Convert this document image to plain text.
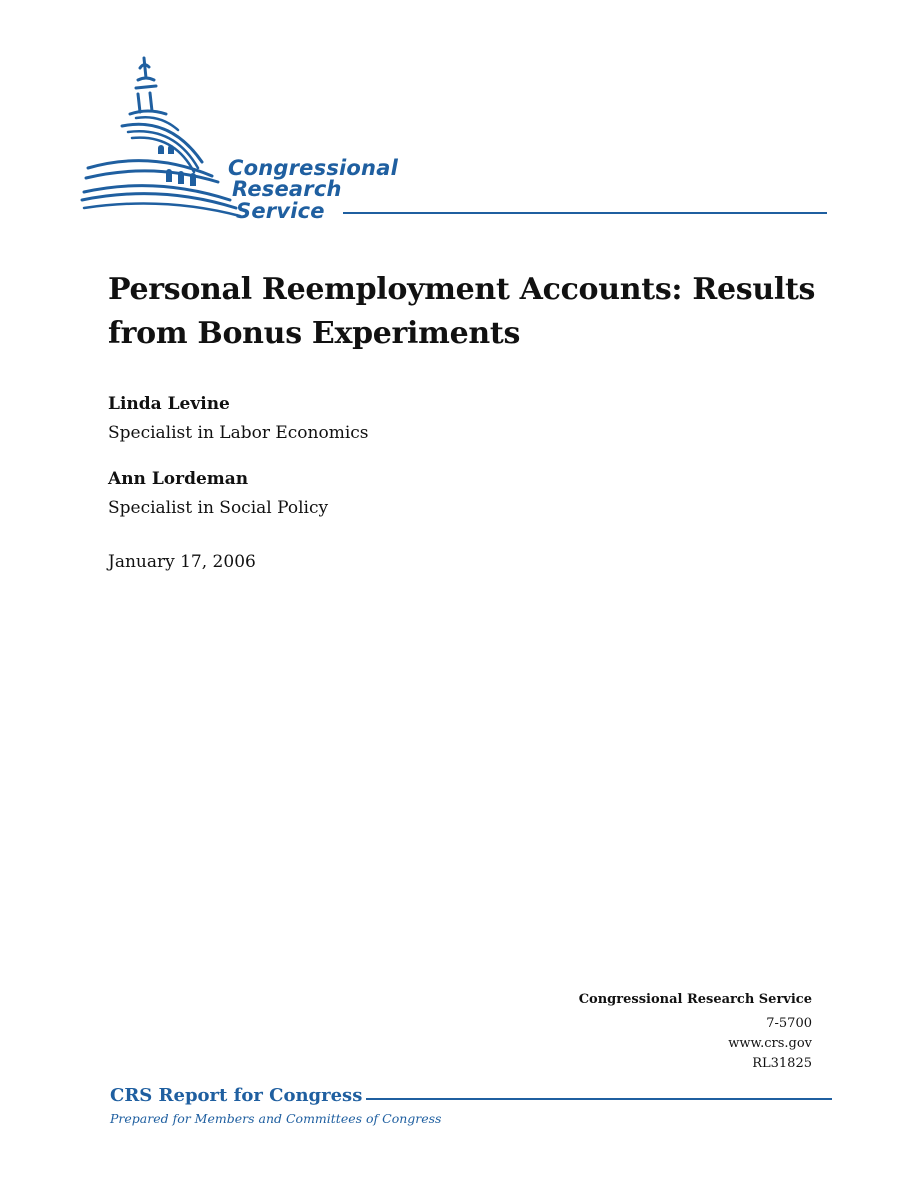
Congressional
Research
Service
Personal Reemployment Accounts: Results from Bonus Experiments
Linda Levine
Specialist in Labor Economics
Ann Lordeman
Specialist in Social Policy
January 17, 2006
Congressional Research Service
7-5700
www.crs.gov
RL31825
CRS Report for Congress
Prepared for Members and Committees of Congress
